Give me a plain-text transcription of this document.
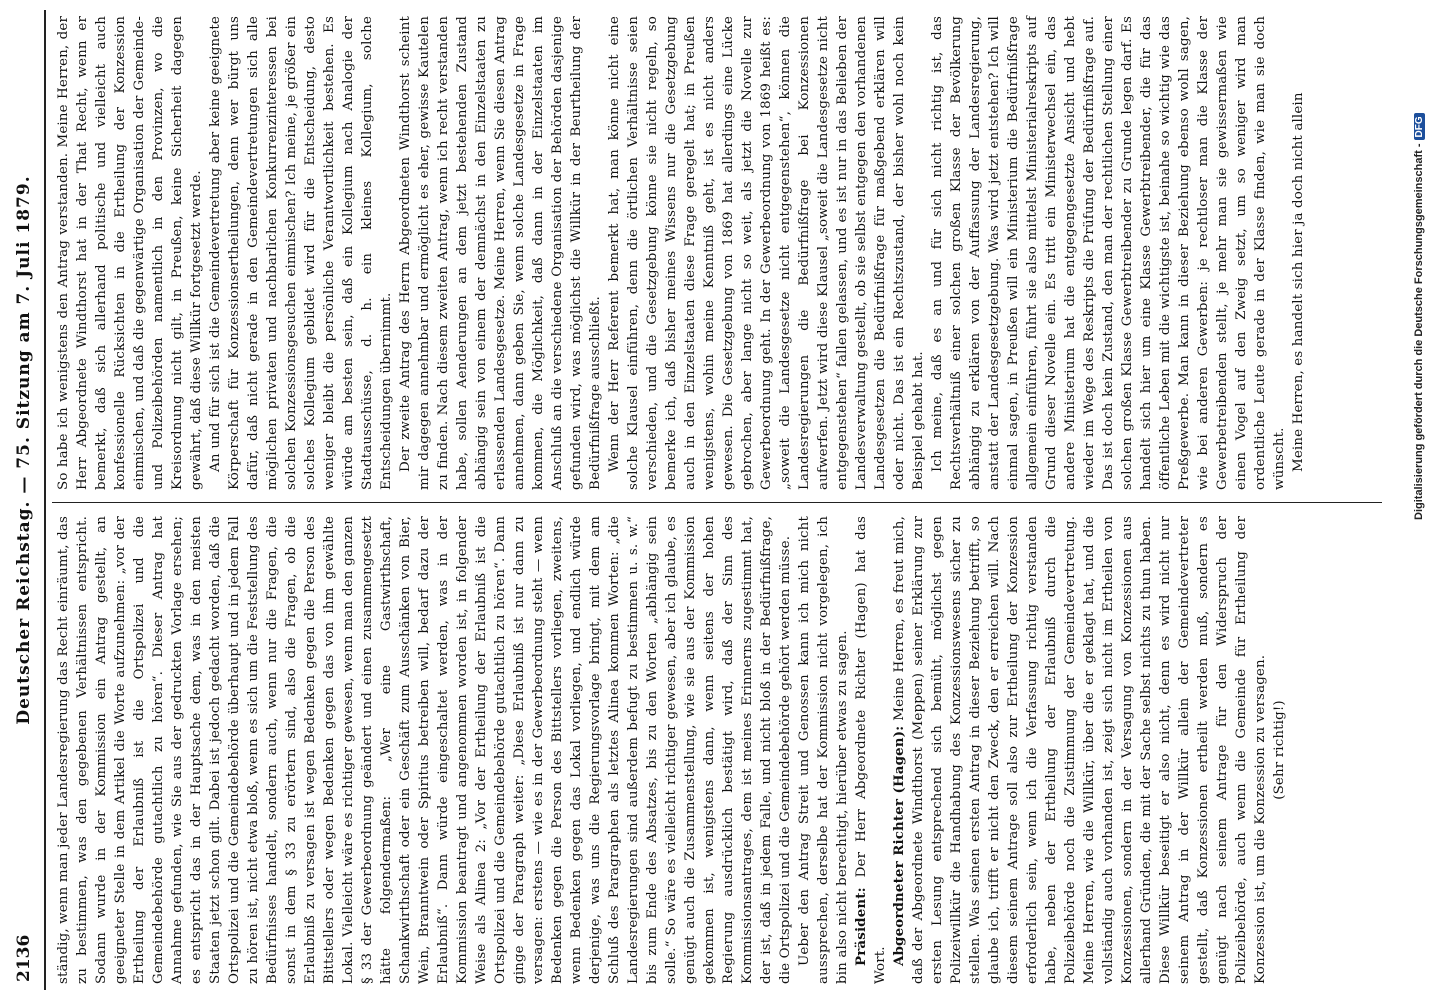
2136
Deutscher Reichstag. — 75. Sitzung am 7. Juli 1879.

ständig, wenn man jeder Landesregierung das Recht einräumt, das zu bestimmen, was den gegebenen Verhältnissen entspricht. Sodann wurde in der Kommission ein Antrag gestellt, an geeigneter Stelle in dem Artikel die Worte aufzunehmen: „vor der Ertheilung der Erlaubniß ist die Ortspolizei und die Gemeindebehörde gutachtlich zu hören“. Dieser Antrag hat Annahme gefunden, wie Sie aus der gedruckten Vorlage ersehen; es entspricht das in der Hauptsache dem, was in den meisten Staaten jetzt schon gilt. Dabei ist jedoch gedacht worden, daß die Ortspolizei und die Gemeindebehörde überhaupt und in jedem Fall zu hören ist, nicht etwa bloß, wenn es sich um die Feststellung des Bedürfnisses handelt, sondern auch, wenn nur die Fragen, die sonst in dem § 33 zu erörtern sind, also die Fragen, ob die Erlaubniß zu versagen ist wegen Bedenken gegen die Person des Bittstellers oder wegen Bedenken gegen das von ihm gewählte Lokal. Vielleicht wäre es richtiger gewesen, wenn man den ganzen § 33 der Gewerbeordnung geändert und einen zusammengesetzt hätte folgendermaßen: „Wer eine Gastwirthschaft, Schankwirthschaft oder ein Geschäft zum Ausschänken von Bier, Wein, Branntwein oder Spiritus betreiben will, bedarf dazu der Erlaubniß“. Dann würde eingeschaltet werden, was in der Kommission beantragt und angenommen worden ist, in folgender Weise als Alinea 2: „Vor der Ertheilung der Erlaubniß ist die Ortspolizei und die Gemeindebehörde gutachtlich zu hören“. Dann ginge der Paragraph weiter: „Diese Erlaubniß ist nur dann zu versagen: erstens — wie es in der Gewerbeordnung steht — wenn Bedenken gegen die Person des Bittstellers vorliegen, zweitens, wenn Bedenken gegen das Lokal vorliegen, und endlich würde derjenige, was uns die Regierungsvorlage bringt, mit dem am Schluß des Paragraphen als letztes Alinea kommen Worten: „die Landesregierungen sind außerdem befugt zu bestimmen u. s. w.“ bis zum Ende des Absatzes, bis zu den Worten „abhängig sein solle.“ So wäre es vielleicht richtiger gewesen, aber ich glaube, es genügt auch die Zusammenstellung, wie sie aus der Kommission gekommen ist, wenigstens dann, wenn seitens der hohen Regierung ausdrücklich bestätigt wird, daß der Sinn des Kommissionsantrages, dem ist meines Erinnerns zugestimmt hat, der ist, daß in jedem Falle, und nicht bloß in der Bedürfnißfrage, die Ortspolizei und die Gemeindebehörde gehört werden müsse. Ueber den Antrag Streit und Genossen kann ich mich nicht aussprechen, derselbe hat der Kommission nicht vorgelegen, ich bin also nicht berechtigt, hierüber etwas zu sagen. Präsident: Der Herr Abgeordnete Richter (Hagen) hat das Wort. Abgeordneter Richter (Hagen): Meine Herren, es freut mich, daß der Abgeordnete Windthorst (Meppen) seiner Erklärung zur ersten Lesung entsprechend sich bemüht, möglichst gegen Polizeiwillkür die Handhabung des Konzessionswesens sicher zu stellen. Was seinen ersten Antrag in dieser Beziehung betrifft, so glaube ich, trifft er nicht den Zweck, den er erreichen will. Nach diesem seinem Antrage soll also zur Ertheilung der Konzession erforderlich sein, wenn ich die Verfassung richtig verstanden habe, neben der Ertheilung der Erlaubniß durch die Polizeibehörde noch die Zustimmung der Gemeindevertretung. Meine Herren, wie die Willkür, über die er geklagt hat, und die vollständig auch vorhanden ist, zeigt sich nicht im Ertheilen von Konzessionen, sondern in der Versagung von Konzessionen aus allerhand Gründen, die mit der Sache selbst nichts zu thun haben. Diese Willkür beseitigt er also nicht, denn es wird nicht nur seinem Antrag in der Willkür allein der Gemeindevertreter gestellt, daß Konzessionen ertheilt werden muß, sondern es genügt nach seinem Antrage für den Widerspruch der Polizeibehörde, auch wenn die Gemeinde für Ertheilung der Konzession ist, um die Konzession zu versagen. (Sehr richtig!)

So habe ich wenigstens den Antrag verstanden. Meine Herren, der Herr Abgeordnete Windthorst hat in der That Recht, wenn er bemerkt, daß sich allerhand politische und vielleicht auch konfessionelle Rücksichten in die Ertheilung der Konzession einmischen, und daß die gegenwärtige Organisation der Gemeinde- und Polizeibehörden namentlich in den Provinzen, wo die Kreisordnung nicht gilt, in Preußen, keine Sicherheit dagegen gewährt, daß diese Willkür fortgesetzt werde. An und für sich ist die Gemeindevertretung aber keine geeignete Körperschaft für Konzessionsertheilungen, denn wer bürgt uns dafür, daß nicht gerade in den Gemeindevertretungen sich alle möglichen privaten und nachbarlichen Konkurrenzinteressen bei solchen Konzessionsgesuchen einmischen? Ich meine, je größer ein solches Kollegium gebildet wird für die Entscheidung, desto weniger bleibt die persönliche Verantwortlichkeit bestehen. Es würde am besten sein, daß ein Kollegium nach Analogie der Stadtausschüsse, d. h. ein kleines Kollegium, solche Entscheidungen übernimmt. Der zweite Antrag des Herrn Abgeordneten Windthorst scheint mir dagegen annehmbar und ermöglicht es eher, gewisse Kautelen zu finden. Nach diesem zweiten Antrag, wenn ich recht verstanden habe, sollen Aenderungen an dem jetzt bestehenden Zustand abhängig sein von einem der demnächst in den Einzelstaaten zu erlassenden Landesgesetze. Meine Herren, wenn Sie diesen Antrag annehmen, dann geben Sie, wenn solche Landesgesetze in Frage kommen, die Möglichkeit, daß dann in der Einzelstaaten im Anschluß an die verschiedene Organisation der Behörden dasjenige gefunden wird, was möglichst die Willkür in der Beurtheilung der Bedürfnißfrage ausschließt. Wenn der Herr Referent bemerkt hat, man könne nicht eine solche Klausel einführen, denn die örtlichen Verhältnisse seien verschieden, und die Gesetzgebung könne sie nicht regeln, so bemerke ich, daß bisher meines Wissens nur die Gesetzgebung auch in den Einzelstaaten diese Frage geregelt hat; in Preußen wenigstens, wohin meine Kenntniß geht, ist es nicht anders gewesen. Die Gesetzgebung von 1869 hat allerdings eine Lücke gebrochen, aber lange nicht so weit, als jetzt die Novelle zur Gewerbeordnung geht. In der Gewerbeordnung von 1869 heißt es: „soweit die Landesgesetze nicht entgegenstehen“, können die Landesregierungen die Bedürfnißfrage bei Konzessionen aufwerfen. Jetzt wird diese Klausel „soweit die Landesgesetze nicht entgegenstehen“ fallen gelassen, und es ist nur in das Belieben der Landesverwaltung gestellt, ob sie selbst entgegen den vorhandenen Landesgesetzen die Bedürfnißfrage für maßgebend erklären will oder nicht. Das ist ein Rechtszustand, der bisher wohl noch kein Beispiel gehabt hat. Ich meine, daß es an und für sich nicht richtig ist, das Rechtsverhältniß einer solchen großen Klasse der Bevölkerung abhängig zu erklären von der Auffassung der Landesregierung, anstatt der Landesgesetzgebung. Was wird jetzt entstehen? Ich will einmal sagen, in Preußen will ein Ministerium die Bedürfnißfrage allgemein einführen, führt sie also mittelst Ministerialreskripts auf Grund dieser Novelle ein. Es tritt ein Ministerwechsel ein, das andere Ministerium hat die entgegengesetzte Ansicht und hebt wieder im Wege des Reskripts die Prüfung der Bedürfnißfrage auf. Das ist doch kein Zustand, den man der rechtlichen Stellung einer solchen großen Klasse Gewerbtreibender zu Grunde legen darf. Es handelt sich hier um eine Klasse Gewerbtreibender, die für das öffentliche Leben mit die wichtigste ist, beinahe so wichtig wie das Preßgewerbe. Man kann in dieser Beziehung ebenso wohl sagen, wie bei anderen Gewerben: je rechtloser man die Klasse der Gewerbetreibenden stellt, je mehr man sie gewissermaßen wie einen Vogel auf den Zweig setzt, um so weniger wird man ordentliche Leute gerade in der Klasse finden, wie man sie doch wünscht. Meine Herren, es handelt sich hier ja doch nicht allein	Digitalisierung gefördert durch die Deutsche Forschungsgemeinschaft -DFG
